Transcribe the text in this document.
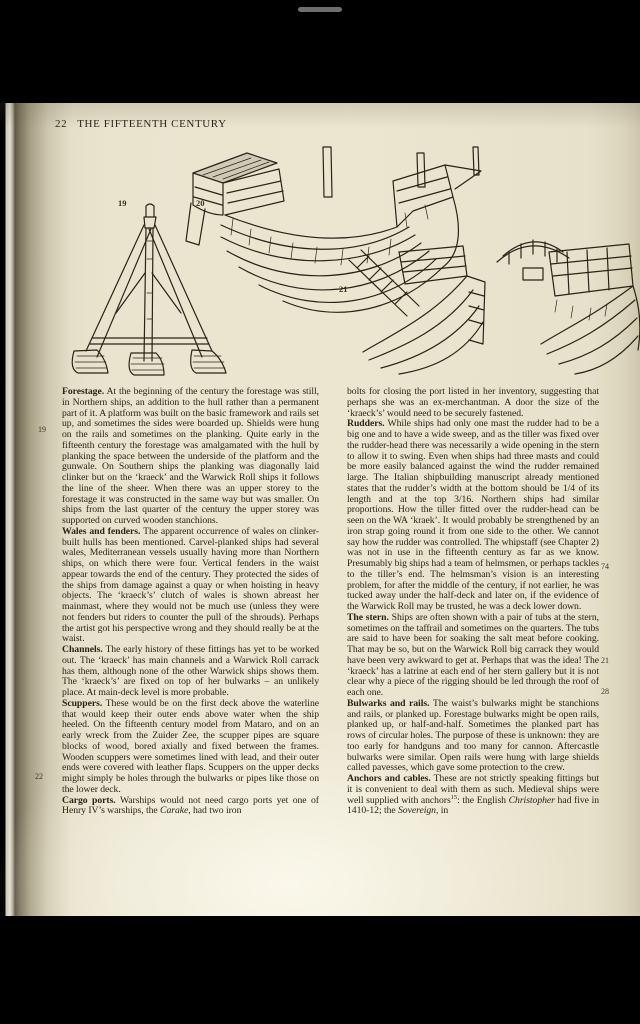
22 THE FIFTEENTH CENTURY
19	20
21

Forestage. At the beginning of the century the forestage was still, in Northern ships, an addition to the hull rather than a permanent part of it. A platform was built on the basic framework and rails set up, and sometimes the sides were boarded up. Shields were hung on the rails and sometimes on the planking. Quite early in the fifteenth century the forestage was amalgamated with the hull by planking the space between the underside of the platform and the gunwale. On Southern ships the planking was diagonally laid clinker but on the ‘kraeck’ and the Warwick Roll ships it follows the line of the sheer. When there was an upper storey to the forestage it was constructed in the same way but was smaller. On ships from the last quarter of the century the upper storey was supported on curved wooden stanchions.

Wales and fenders. The apparent occurrence of wales on clinker-built hulls has been mentioned. Carvel-planked ships had several wales, Mediterranean vessels usually having more than Northern ships, on which there were four. Vertical fenders in the waist appear towards the end of the century. They protected the sides of the ships from damage against a quay or when hoisting in heavy objects. The ‘kraeck’s’ clutch of wales is shown abreast her mainmast, where they would not be much use (unless they were not fenders but riders to counter the pull of the shrouds). Perhaps the artist got his perspective wrong and they should really be at the waist.

Channels. The early history of these fittings has yet to be worked out. The ‘kraeck’ has main channels and a Warwick Roll carrack has them, although none of the other Warwick ships shows them. The ‘kraeck’s’ are fixed on top of her bulwarks – an unlikely place. At main-deck level is more probable.

Scuppers. These would be on the first deck above the waterline that would keep their outer ends above water when the ship heeled. On the fifteenth century model from Mataro, and on an early wreck from the Zuider Zee, the scupper pipes are square blocks of wood, bored axially and fixed between the frames. Wooden scuppers were sometimes lined with lead, and their outer ends were covered with leather flaps. Scuppers on the upper decks might simply be holes through the bulwarks or pipes like those on the lower deck.

Cargo ports. Warships would not need cargo ports yet one of Henry IV’s warships, the Carake, had two iron

bolts for closing the port listed in her inventory, suggesting that perhaps she was an ex-merchantman. A door the size of the ‘kraeck’s’ would need to be securely fastened.

Rudders. While ships had only one mast the rudder had to be a big one and to have a wide sweep, and as the tiller was fixed over the rudder-head there was necessarily a wide opening in the stern to allow it to swing. Even when ships had three masts and could be more easily balanced against the wind the rudder remained large. The Italian shipbuilding manuscript already mentioned states that the rudder’s width at the bottom should be 1/4 of its length and at the top 3/16. Northern ships had similar proportions. How the tiller fitted over the rudder-head can be seen on the WA ‘kraek’. It would probably be strengthened by an iron strap going round it from one side to the other. We cannot say how the rudder was controlled. The whipstaff (see Chapter 2) was not in use in the fifteenth century as far as we know. Presumably big ships had a team of helmsmen, or perhaps tackles to the tiller’s end. The helmsman’s vision is an interesting problem, for after the middle of the century, if not earlier, he was tucked away under the half-deck and later on, if the evidence of the Warwick Roll may be trusted, he was a deck lower down.

The stern. Ships are often shown with a pair of tubs at the stern, sometimes on the taffrail and sometimes on the quarters. The tubs are said to have been for soaking the salt meat before cooking. That may be so, but on the Warwick Roll big carrack they would have been very awkward to get at. Perhaps that was the idea! The ‘kraeck’ has a latrine at each end of her stern gallery but it is not clear why a piece of the rigging should be led through the roof of each one.

Bulwarks and rails. The waist’s bulwarks might be stanchions and rails, or planked up. Forestage bulwarks might be open rails, planked up, or half-and-half. Sometimes the planked part has rows of circular holes. The purpose of these is unknown: they are too early for handguns and too many for cannon. Aftercastle bulwarks were similar. Open rails were hung with large shields called pavesses, which gave some protection to the crew.

Anchors and cables. These are not strictly speaking fittings but it is convenient to deal with them as such. Medieval ships were well supplied with anchors$^{15}$: the English Christopher had five in 1410-12; the Sovereign, in

19
22
74
21
28
